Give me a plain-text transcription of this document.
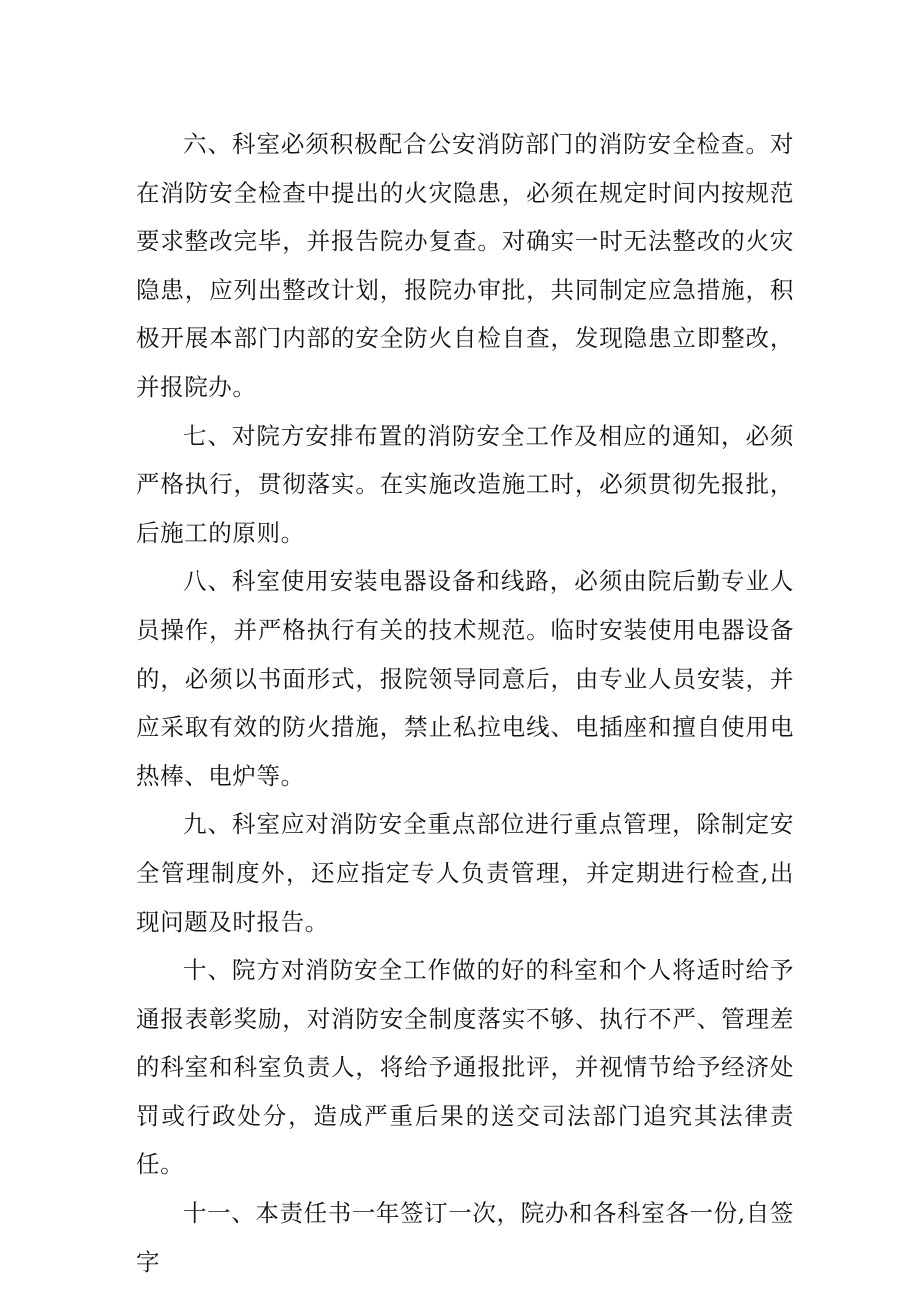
六、科室必须积极配合公安消防部门的消防安全检查。对在消防安全检查中提出的火灾隐患，必须在规定时间内按规范要求整改完毕，并报告院办复查。对确实一时无法整改的火灾隐患，应列出整改计划，报院办审批，共同制定应急措施，积极开展本部门内部的安全防火自检自查，发现隐患立即整改，并报院办。

七、对院方安排布置的消防安全工作及相应的通知，必须严格执行，贯彻落实。在实施改造施工时，必须贯彻先报批，后施工的原则。

八、科室使用安装电器设备和线路，必须由院后勤专业人员操作，并严格执行有关的技术规范。临时安装使用电器设备的，必须以书面形式，报院领导同意后，由专业人员安装，并应采取有效的防火措施，禁止私拉电线、电插座和擅自使用电热棒、电炉等。

九、科室应对消防安全重点部位进行重点管理，除制定安全管理制度外，还应指定专人负责管理，并定期进行检查,出现问题及时报告。

十、院方对消防安全工作做的好的科室和个人将适时给予通报表彰奖励，对消防安全制度落实不够、执行不严、管理差的科室和科室负责人，将给予通报批评，并视情节给予经济处罚或行政处分，造成严重后果的送交司法部门追究其法律责任。

十一、本责任书一年签订一次，院办和各科室各一份,自签字
